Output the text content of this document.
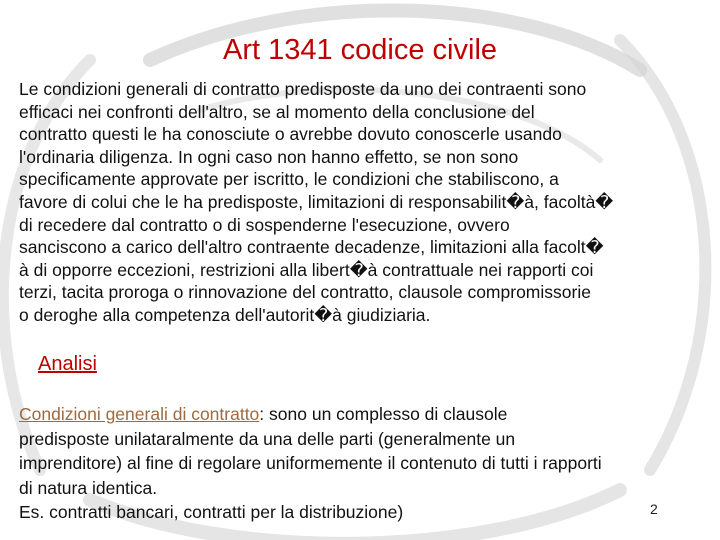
Art 1341 codice civile

Le condizioni generali di contratto predisposte da uno dei contraenti sono
efficaci nei confronti dell'altro, se al momento della conclusione del
contratto questi le ha conosciute o avrebbe dovuto conoscerle usando
l'ordinaria diligenza. In ogni caso non hanno effetto, se non sono
specificamente approvate per iscritto, le condizioni che stabiliscono, a
favore di colui che le ha predisposte, limitazioni di responsabilit�à, facoltà�
di recedere dal contratto o di sospenderne l'esecuzione, ovvero
sanciscono a carico dell'altro contraente decadenze, limitazioni alla facolt�
à di opporre eccezioni, restrizioni alla libert�à contrattuale nei rapporti coi
terzi, tacita proroga o rinnovazione del contratto, clausole compromissorie
o deroghe alla competenza dell'autorit�à giudiziaria.

Analisi

Condizioni generali di contratto: sono un complesso di clausole
predisposte unilataralmente da una delle parti (generalmente un
imprenditore) al fine di regolare uniformemente il contenuto di tutti i rapporti
di natura identica.
Es. contratti bancari, contratti per la distribuzione)	2
